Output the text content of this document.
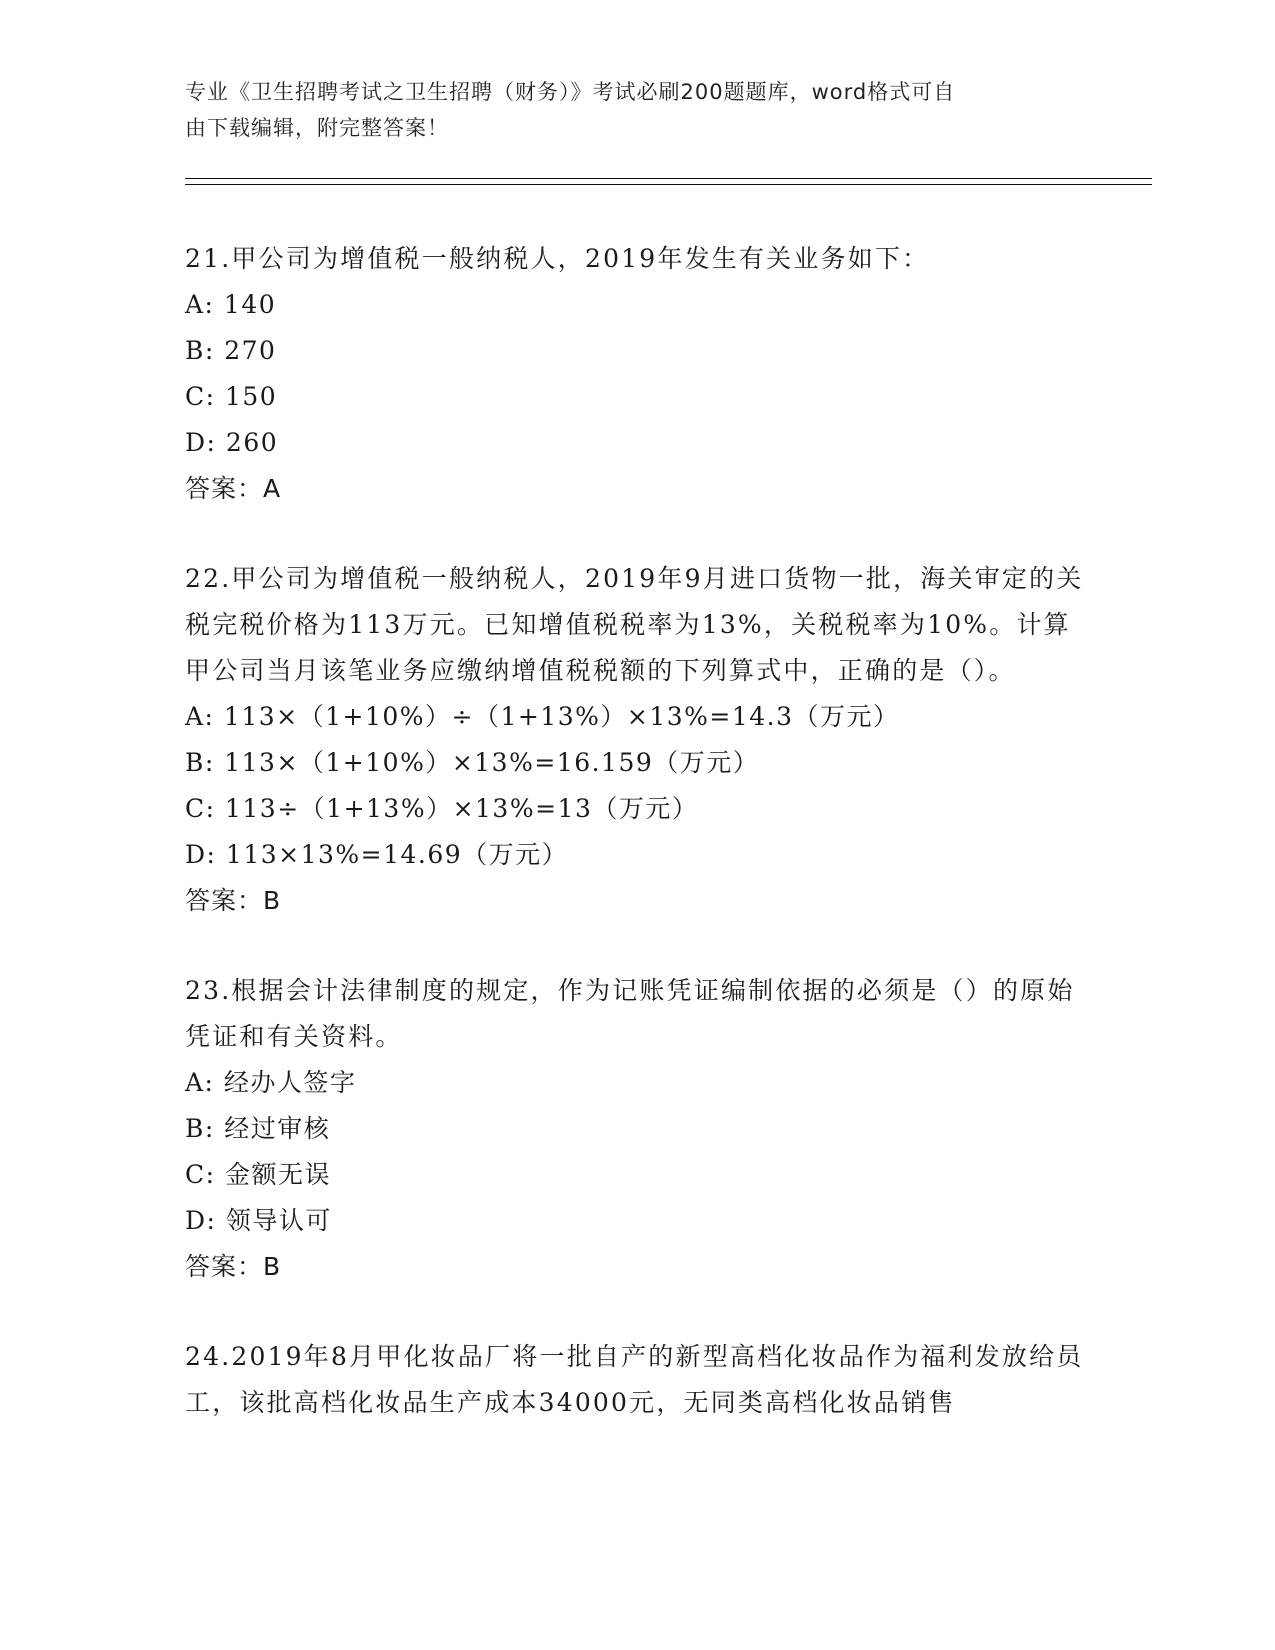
专业《卫生招聘考试之卫生招聘（财务）》考试必刷200题题库，word格式可自
由下载编辑，附完整答案！

21.甲公司为增值税一般纳税人，2019年发生有关业务如下：

A: 140
B: 270
C: 150
D: 260
答案：A

22.甲公司为增值税一般纳税人，2019年9月进口货物一批，海关审定的关税完税价格为113万元。已知增值税税率为13%，关税税率为10%。计算甲公司当月该笔业务应缴纳增值税税额的下列算式中，正确的是（）。

A: 113×（1+10%）÷（1+13%）×13%=14.3（万元）
B: 113×（1+10%）×13%=16.159（万元）
C: 113÷（1+13%）×13%=13（万元）
D: 113×13%=14.69（万元）
答案：B

23.根据会计法律制度的规定，作为记账凭证编制依据的必须是（）的原始凭证和有关资料。

A: 经办人签字
B: 经过审核
C: 金额无误
D: 领导认可
答案：B

24.2019年8月甲化妆品厂将一批自产的新型高档化妆品作为福利发放给员工，该批高档化妆品生产成本34000元，无同类高档化妆品销售
